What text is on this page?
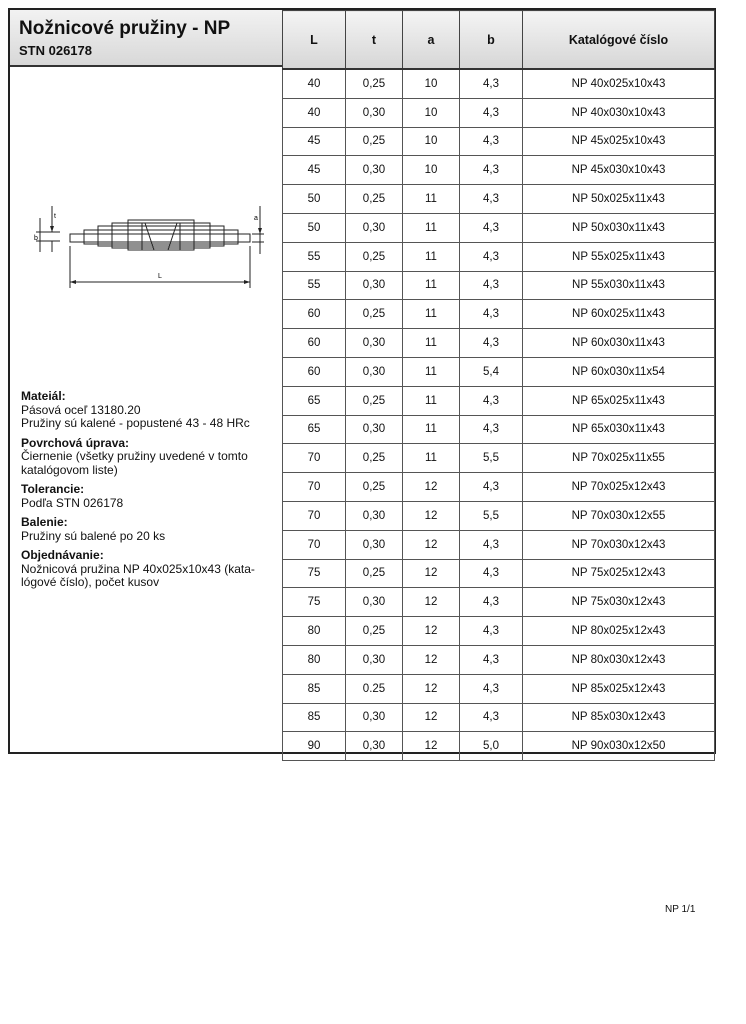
Nožnicové pružiny - NP
STN 026178
b
t	a
L
Mateiál:
Pásová oceľ 13180.20
Pružiny sú kalené - popustené 43 - 48 HRc
Povrchová úprava:
Čiernenie (všetky pružiny uvedené v tomto katalógovom liste)
Tolerancie:
Podľa STN 026178
Balenie:
Pružiny sú balené po 20 ks
Objednávanie:
Nožnicová pružina NP 40x025x10x43 (kata-lógové číslo), počet kusov
L	t	a	b	Katalógové číslo
40	0,25	10	4,3	NP 40x025x10x43
40	0,30	10	4,3	NP 40x030x10x43
45	0,25	10	4,3	NP 45x025x10x43
45	0,30	10	4,3	NP 45x030x10x43
50	0,25	11	4,3	NP 50x025x11x43
50	0,30	11	4,3	NP 50x030x11x43
55	0,25	11	4,3	NP 55x025x11x43
55	0,30	11	4,3	NP 55x030x11x43
60	0,25	11	4,3	NP 60x025x11x43
60	0,30	11	4,3	NP 60x030x11x43
60	0,30	11	5,4	NP 60x030x11x54
65	0,25	11	4,3	NP 65x025x11x43
65	0,30	11	4,3	NP 65x030x11x43
70	0,25	11	5,5	NP 70x025x11x55
70	0,25	12	4,3	NP 70x025x12x43
70	0,30	12	5,5	NP 70x030x12x55
70	0,30	12	4,3	NP 70x030x12x43
75	0,25	12	4,3	NP 75x025x12x43
75	0,30	12	4,3	NP 75x030x12x43
80	0,25	12	4,3	NP 80x025x12x43
80	0,30	12	4,3	NP 80x030x12x43
85	0.25	12	4,3	NP 85x025x12x43
85	0,30	12	4,3	NP 85x030x12x43
90	0,30	12	5,0	NP 90x030x12x50
NP 1/1
